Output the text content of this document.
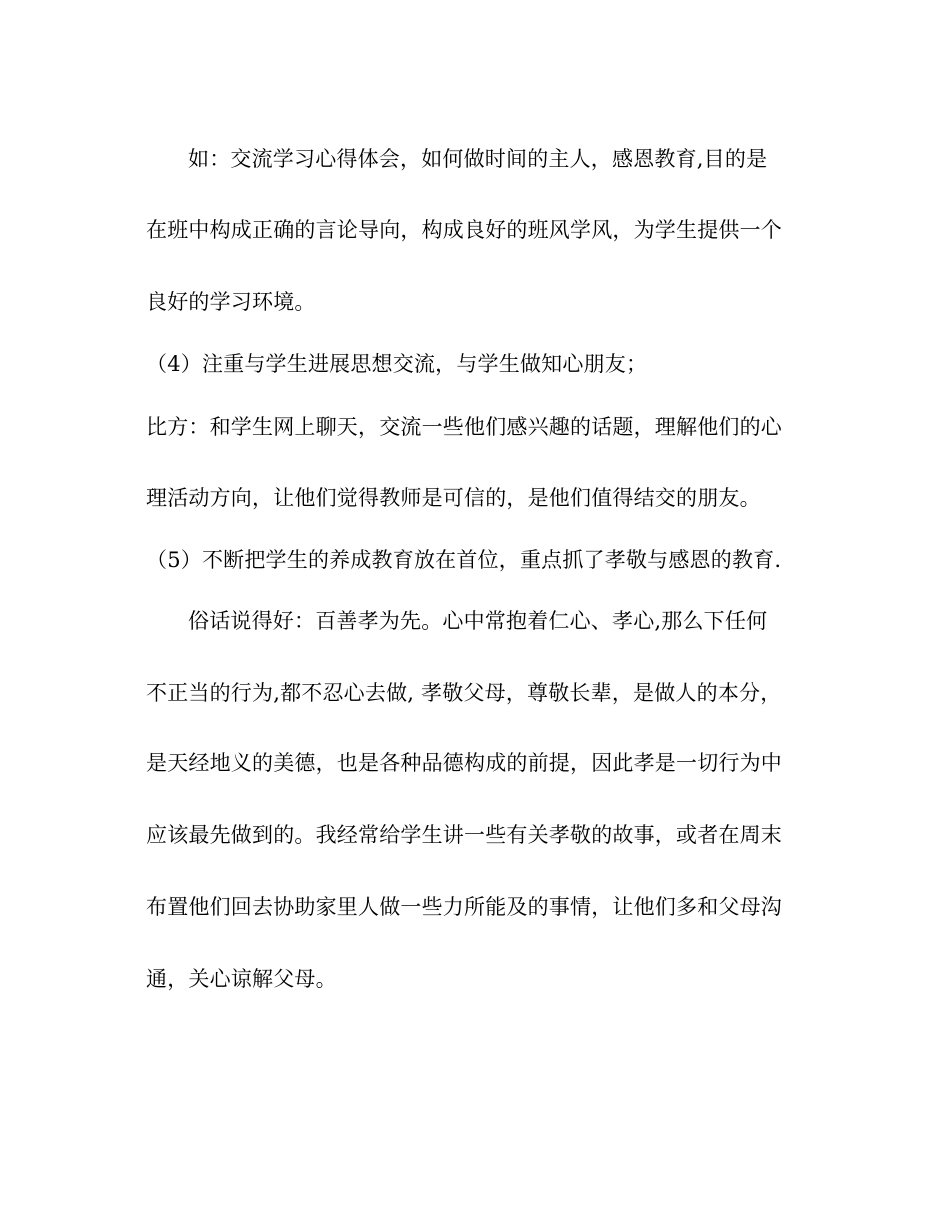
如：交流学习心得体会，如何做时间的主人，感恩教育,目的是
在班中构成正确的言论导向，构成良好的班风学风，为学生提供一个
良好的学习环境。
（4）注重与学生进展思想交流，与学生做知心朋友；
比方：和学生网上聊天，交流一些他们感兴趣的话题，理解他们的心
理活动方向，让他们觉得教师是可信的，是他们值得结交的朋友。
（5）不断把学生的养成教育放在首位，重点抓了孝敬与感恩的教育.
俗话说得好：百善孝为先。心中常抱着仁心、孝心,那么下任何
不正当的行为,都不忍心去做, 孝敬父母，尊敬长辈，是做人的本分，
是天经地义的美德，也是各种品德构成的前提，因此孝是一切行为中
应该最先做到的。我经常给学生讲一些有关孝敬的故事，或者在周末
布置他们回去协助家里人做一些力所能及的事情，让他们多和父母沟
通，关心谅解父母。
